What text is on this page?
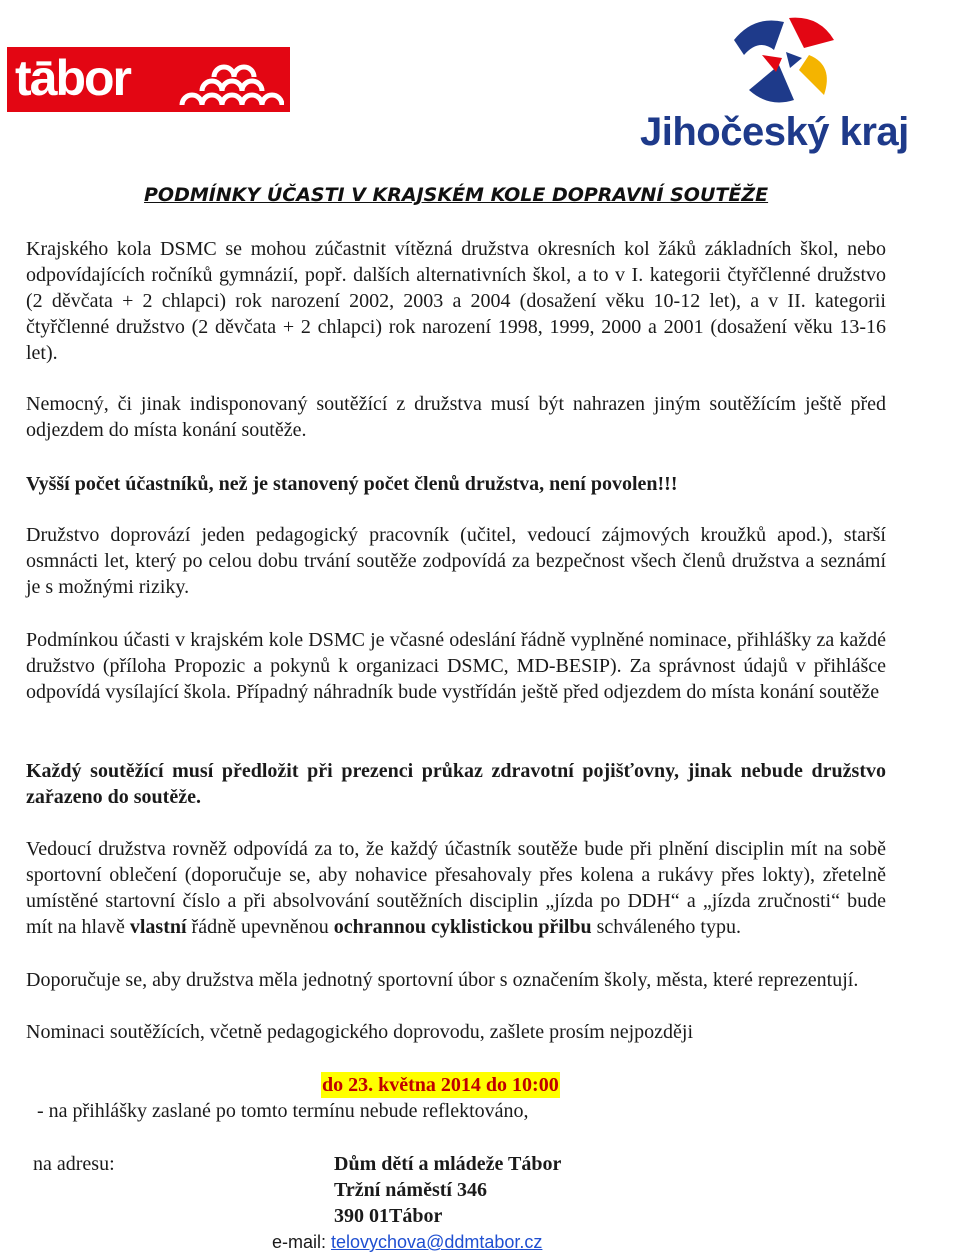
tābor
Jihočeský kraj
PODMÍNKY ÚČASTI V KRAJSKÉM KOLE DOPRAVNÍ SOUTĚŽE
Krajského kola DSMC se mohou zúčastnit vítězná družstva okresních kol žáků základních škol, nebo odpovídajících ročníků gymnázií, popř. dalších alternativních škol, a to v I. kategorii čtyřčlenné družstvo (2 děvčata + 2 chlapci) rok narození 2002, 2003 a 2004 (dosažení věku 10-12 let), a v II. kategorii čtyřčlenné družstvo (2 děvčata + 2 chlapci) rok narození 1998, 1999, 2000 a 2001 (dosažení věku 13-16 let).
Nemocný, či jinak indisponovaný soutěžící z družstva musí být nahrazen jiným soutěžícím ještě před odjezdem do místa konání soutěže.
Vyšší počet účastníků, než je stanovený počet členů družstva, není povolen!!!
Družstvo doprovází jeden pedagogický pracovník (učitel, vedoucí zájmových kroužků apod.), starší osmnácti let, který po celou dobu trvání soutěže zodpovídá za bezpečnost všech členů družstva a seznámí je s možnými riziky.
Podmínkou účasti v krajském kole DSMC je včasné odeslání řádně vyplněné nominace, přihlášky za každé družstvo (příloha Propozic a pokynů k organizaci DSMC, MD-BESIP). Za správnost údajů v přihlášce odpovídá vysílající škola. Případný náhradník bude vystřídán ještě před odjezdem do místa konání soutěže
Každý soutěžící musí předložit při prezenci průkaz zdravotní pojišťovny, jinak nebude družstvo zařazeno do soutěže.
Vedoucí družstva rovněž odpovídá za to, že každý účastník soutěže bude při plnění disciplin mít na sobě sportovní oblečení (doporučuje se, aby nohavice přesahovaly přes kolena a rukávy přes lokty), zřetelně umístěné startovní číslo a při absolvování soutěžních disciplin „jízda po DDH“ a „jízda zručnosti“ bude mít na hlavě vlastní řádně upevněnou ochrannou cyklistickou přilbu schváleného typu.
Doporučuje se, aby družstva měla jednotný sportovní úbor s označením školy, města, které reprezentují.
Nominaci soutěžících, včetně pedagogického doprovodu, zašlete prosím nejpozději
do 23. května 2014 do 10:00
- na přihlášky zaslané po tomto termínu nebude reflektováno,
na adresu:	Dům dětí a mládeže Tábor
Tržní náměstí 346
390 01Tábor
e-mail: telovychova@ddmtabor.cz
